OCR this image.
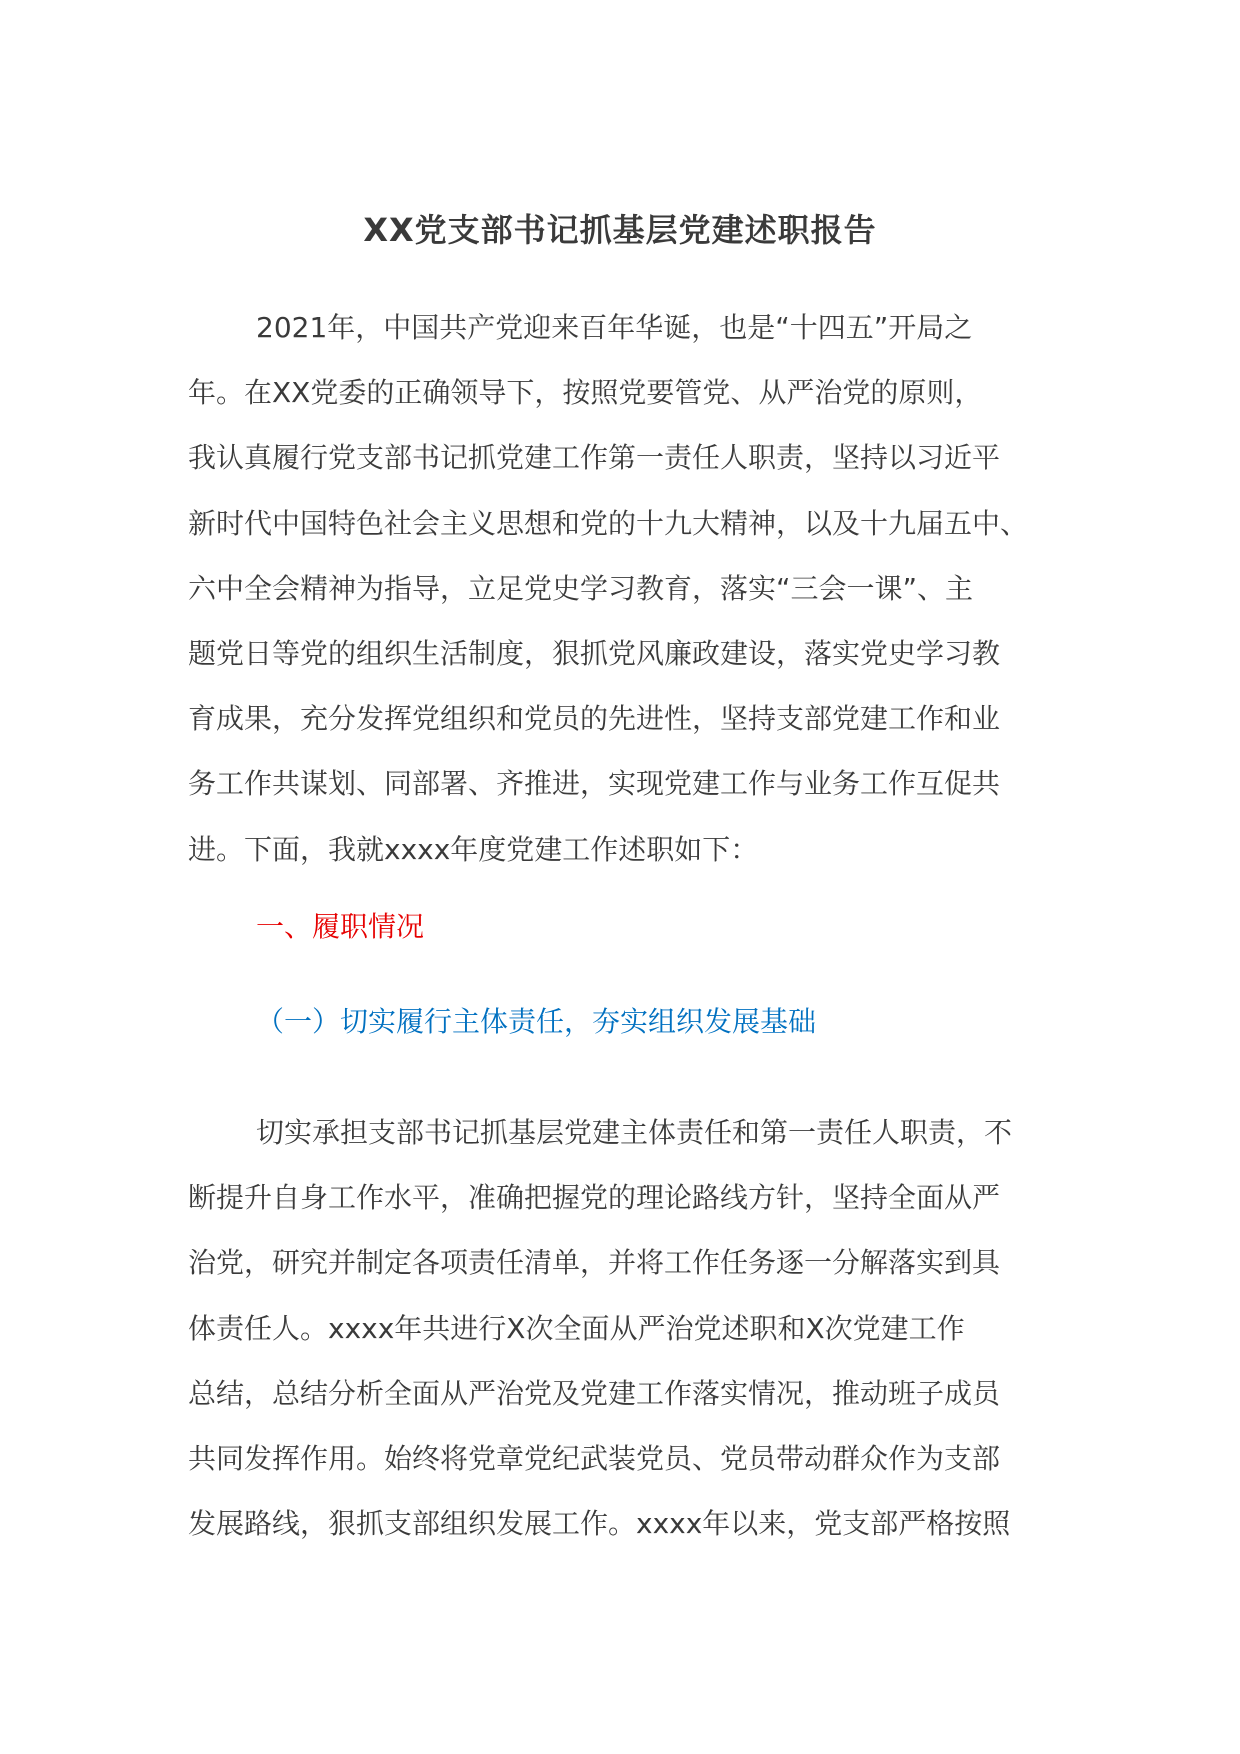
XX党支部书记抓基层党建述职报告
2021年，中国共产党迎来百年华诞，也是“十四五”开局之
年。在XX党委的正确领导下，按照党要管党、从严治党的原则，
我认真履行党支部书记抓党建工作第一责任人职责，坚持以习近平
新时代中国特色社会主义思想和党的十九大精神，以及十九届五中、
六中全会精神为指导，立足党史学习教育，落实“三会一课”、主
题党日等党的组织生活制度，狠抓党风廉政建设，落实党史学习教
育成果，充分发挥党组织和党员的先进性，坚持支部党建工作和业
务工作共谋划、同部署、齐推进，实现党建工作与业务工作互促共
进。下面，我就xxxx年度党建工作述职如下：
一、履职情况
（一）切实履行主体责任，夯实组织发展基础
切实承担支部书记抓基层党建主体责任和第一责任人职责，不
断提升自身工作水平，准确把握党的理论路线方针，坚持全面从严
治党，研究并制定各项责任清单，并将工作任务逐一分解落实到具
体责任人。xxxx年共进行X次全面从严治党述职和X次党建工作
总结，总结分析全面从严治党及党建工作落实情况，推动班子成员
共同发挥作用。始终将党章党纪武装党员、党员带动群众作为支部
发展路线，狠抓支部组织发展工作。xxxx年以来，党支部严格按照
